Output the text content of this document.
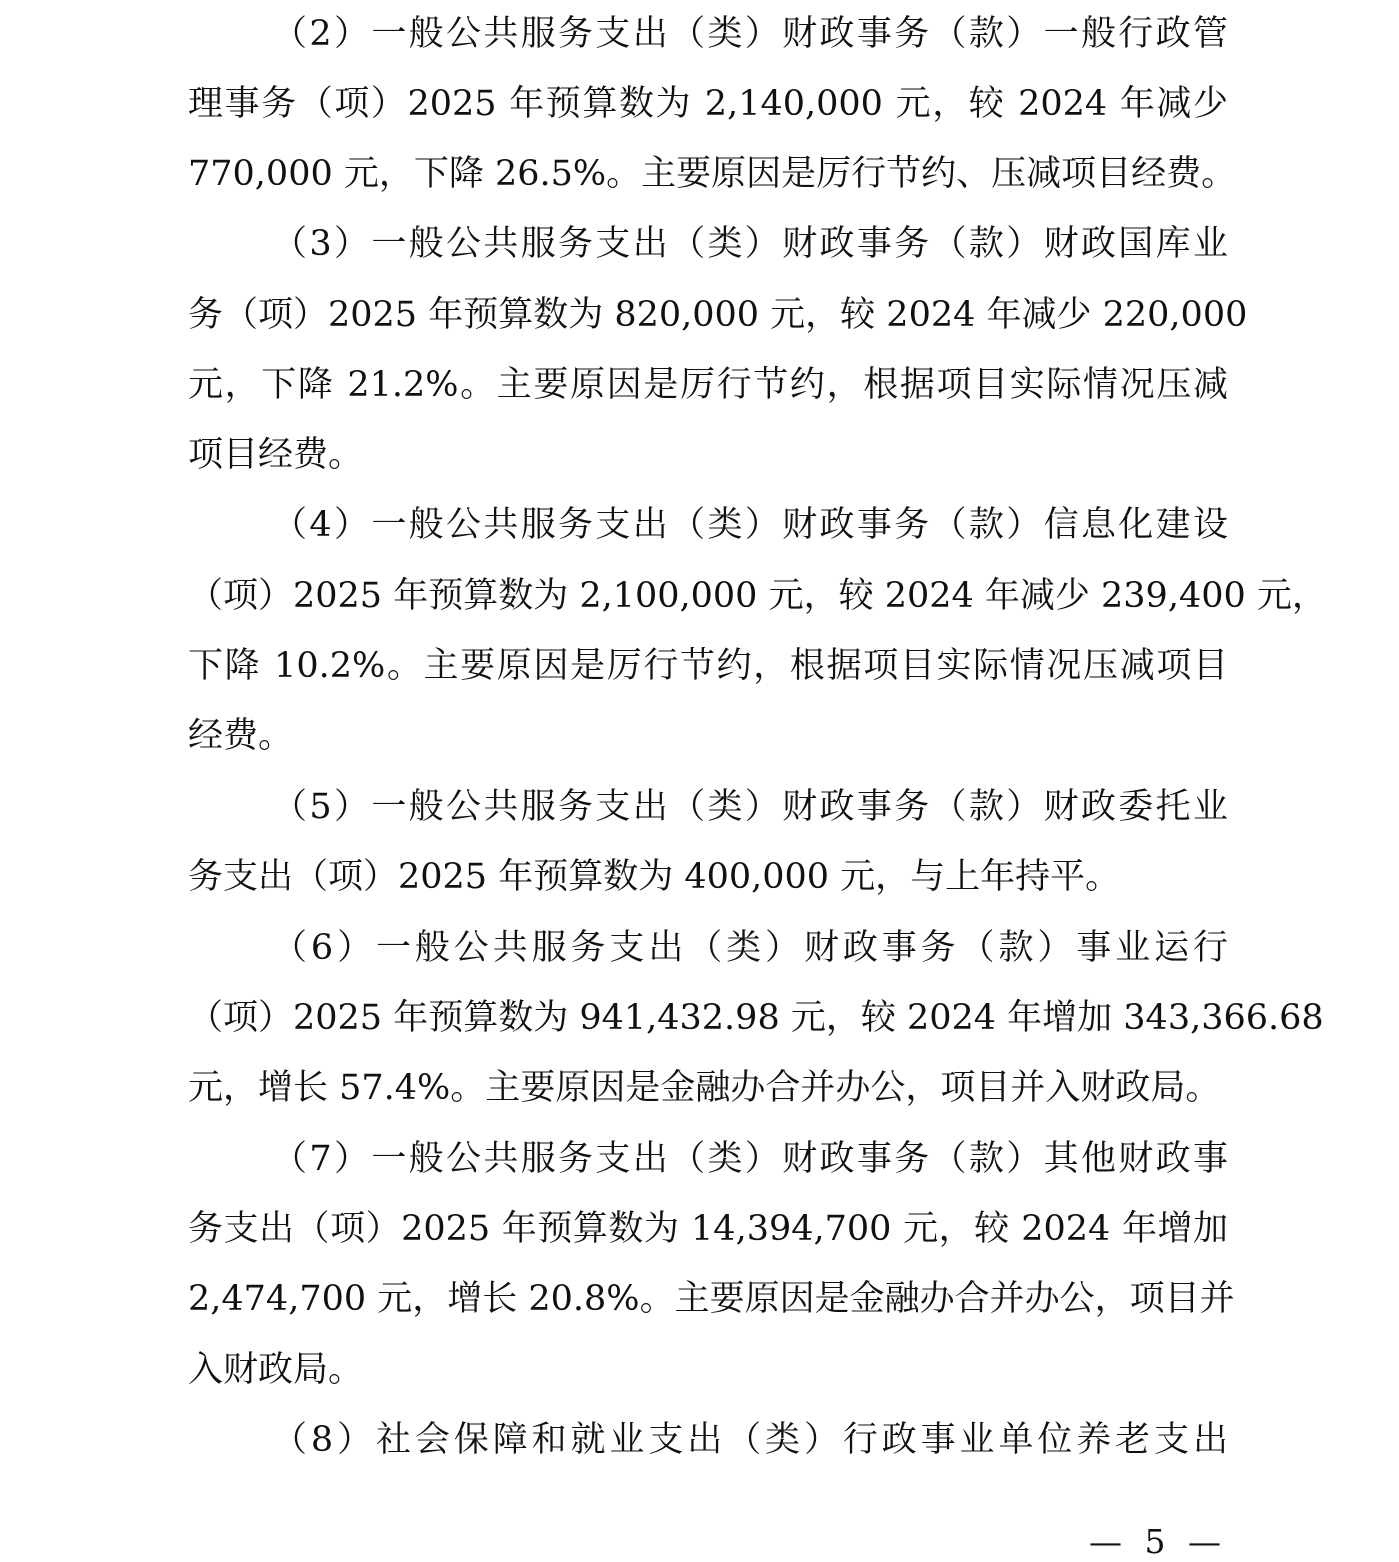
（2）一般公共服务支出（类）财政事务（款）一般行政管
理事务（项）2025 年预算数为 2,140,000 元，较 2024 年减少
770,000 元，下降 26.5%。主要原因是厉行节约、压减项目经费。
（3）一般公共服务支出（类）财政事务（款）财政国库业
务（项）2025 年预算数为 820,000 元，较 2024 年减少 220,000
元，下降 21.2%。主要原因是厉行节约，根据项目实际情况压减
项目经费。
（4）一般公共服务支出（类）财政事务（款）信息化建设
（项）2025 年预算数为 2,100,000 元，较 2024 年减少 239,400 元，
下降 10.2%。主要原因是厉行节约，根据项目实际情况压减项目
经费。
（5）一般公共服务支出（类）财政事务（款）财政委托业
务支出（项）2025 年预算数为 400,000 元，与上年持平。
（6）一般公共服务支出（类）财政事务（款）事业运行
（项）2025 年预算数为 941,432.98 元，较 2024 年增加 343,366.68
元，增长 57.4%。主要原因是金融办合并办公，项目并入财政局。
（7）一般公共服务支出（类）财政事务（款）其他财政事
务支出（项）2025 年预算数为 14,394,700 元，较 2024 年增加
2,474,700 元，增长 20.8%。主要原因是金融办合并办公，项目并
入财政局。
（8）社会保障和就业支出（类）行政事业单位养老支出
— 5 —
